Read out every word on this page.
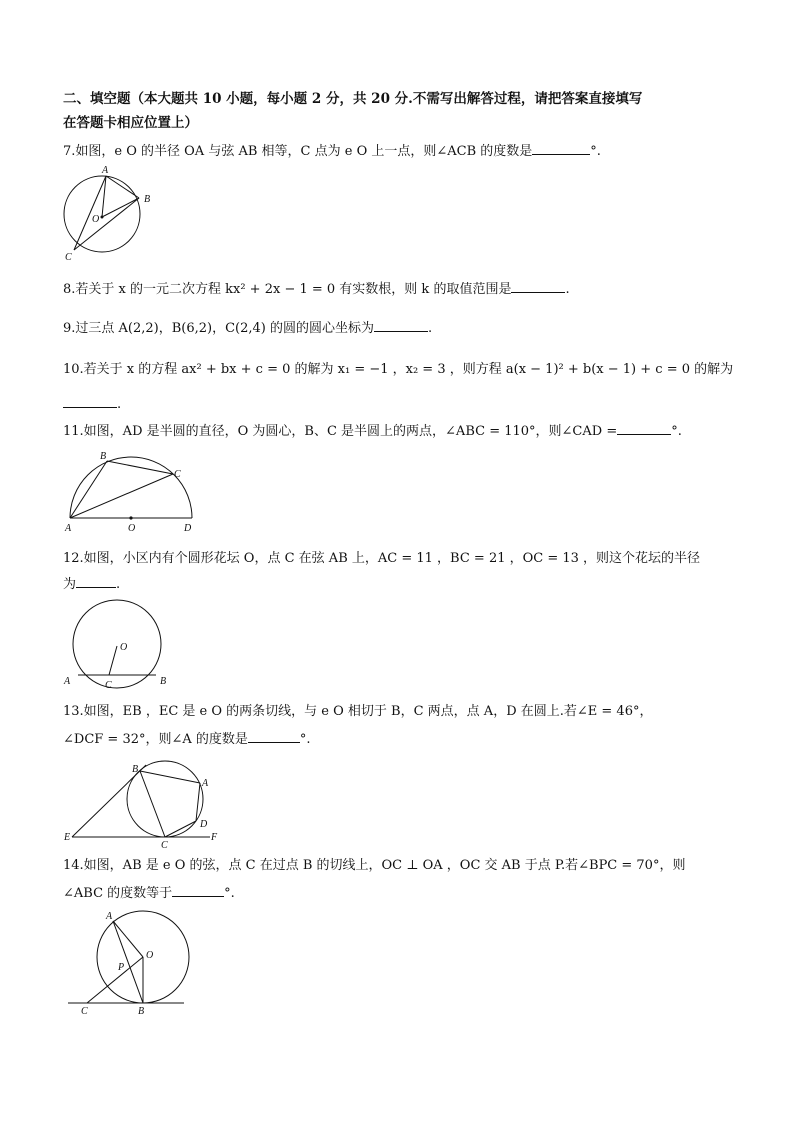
二、填空题（本大题共 10 小题，每小题 2 分，共 20 分.不需写出解答过程，请把答案直接填写
在答题卡相应位置上）
7.如图，e O 的半径 OA 与弦 AB 相等，C 点为 e O 上一点，则∠ACB 的度数是	°.
A
B
O
C
8.若关于 x 的一元二次方程 kx² + 2x − 1 = 0 有实数根，则 k 的取值范围是	.
9.过三点 A(2,2)，B(6,2)，C(2,4) 的圆的圆心坐标为	.
10.若关于 x 的方程 ax² + bx + c = 0 的解为 x₁ = −1 ，x₂ = 3 ，则方程 a(x − 1)² + b(x − 1) + c = 0 的解为
.
11.如图，AD 是半圆的直径，O 为圆心，B、C 是半圆上的两点，∠ABC = 110°，则∠CAD =	°.
B
C
A	O	D
12.如图，小区内有个圆形花坛 O，点 C 在弦 AB 上，AC = 11 ，BC = 21 ，OC = 13 ，则这个花坛的半径
为	.
O
A	C	B
13.如图，EB ，EC 是 e O 的两条切线，与 e O 相切于 B，C 两点，点 A，D 在圆上.若∠E = 46°，
∠DCF = 32°，则∠A 的度数是	°.
B
A
D
E
C
F
14.如图，AB 是 e O 的弦，点 C 在过点 B 的切线上，OC ⊥ OA ，OC 交 AB 于点 P.若∠BPC = 70°，则
∠ABC 的度数等于	°.
A
O
P
C	B
